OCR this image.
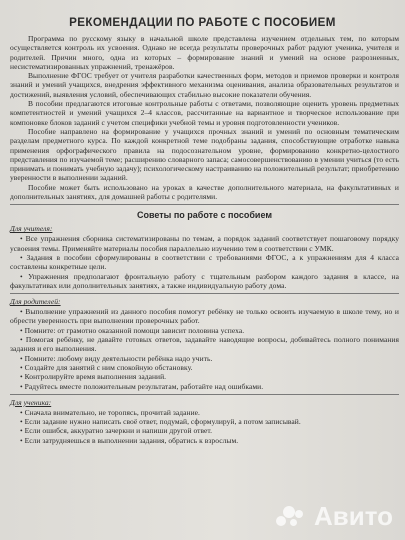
РЕКОМЕНДАЦИИ ПО РАБОТЕ С ПОСОБИЕМ

Программа по русскому языку в начальной школе представлена изучением отдельных тем, по которым осуществляется контроль их усвоения. Однако не всегда результаты проверочных работ радуют ученика, учителя и родителей. Причин много, одна из которых – формирование знаний и умений на основе разрозненных, несистематизированных упражнений, тренажёров.

Выполнение ФГОС требует от учителя разработки качественных форм, методов и приемов проверки и контроля знаний и умений учащихся, внедрения эффективного механизма оценивания, анализа образовательных результатов и достижений, выявления условий, обеспечивающих стабильно высокие показатели обучения.

В пособии предлагаются итоговые контрольные работы с ответами, позволяющие оценить уровень предметных компетентностей и умений учащихся 2–4 классов, рассчитанные на вариантное и творческое использование при компоновке блоков заданий с учетом специфики учебной темы и уровня подготовленности учеников.

Пособие направлено на формирование у учащихся прочных знаний и умений по основным тематическим разделам предметного курса. По каждой конкретной теме подобраны задания, способствующие отработке навыка применения орфографического правила на подосознательном уровне, формированию конкретно-целостного представления по изучаемой теме; расширению словарного запаса; самосовершенствованию в умении учиться (то есть принимать и понимать учебную задачу); психологическому настраиванию на положительный результат; приобретению уверенности в выполнении заданий.

Пособие может быть использовано на уроках в качестве дополнительного материала, на факультативных и дополнительных занятиях, для домашней работы с родителями.

Советы по работе с пособием
Для учителя:

• Все упражнения сборника систематизированы по темам, а порядок заданий соответствует пошаговому порядку усвоения темы. Применяйте материалы пособия параллельно изучению тем в соответствии с УМК.

• Задания в пособии сформулированы в соответствии с требованиями ФГОС, а к упражнениям для 4 класса составлены конкретные цели.

• Упражнения предполагают фронтальную работу с тщательным разбором каждого задания в классе, на факультативах или дополнительных занятиях, а также индивидуальную работу дома.

Для родителей:

• Выполнение упражнений из данного пособия помогут ребёнку не только освоить изучаемую в школе тему, но и обрести уверенность при выполнении проверочных работ.

• Помните: от грамотно оказанной помощи зависит половина успеха.

• Помогая ребёнку, не давайте готовых ответов, задавайте наводящие вопросы, добивайтесь полного понимания задания и его выполнения.

• Помните: любому виду деятельности ребёнка надо учить.

• Создайте для занятий с ним спокойную обстановку.

• Контролируйте время выполнения заданий.

• Радуйтесь вместе положительным результатам, работайте над ошибками.

Для ученика:

• Сначала внимательно, не торопясь, прочитай задание.

• Если задание нужно написать своё ответ, подумай, сформулируй, а потом записывай.

• Если ошибся, аккуратно зачеркни и напиши другой ответ.

• Если затрудняешься в выполнении задания, обратись к взрослым.

Авито
